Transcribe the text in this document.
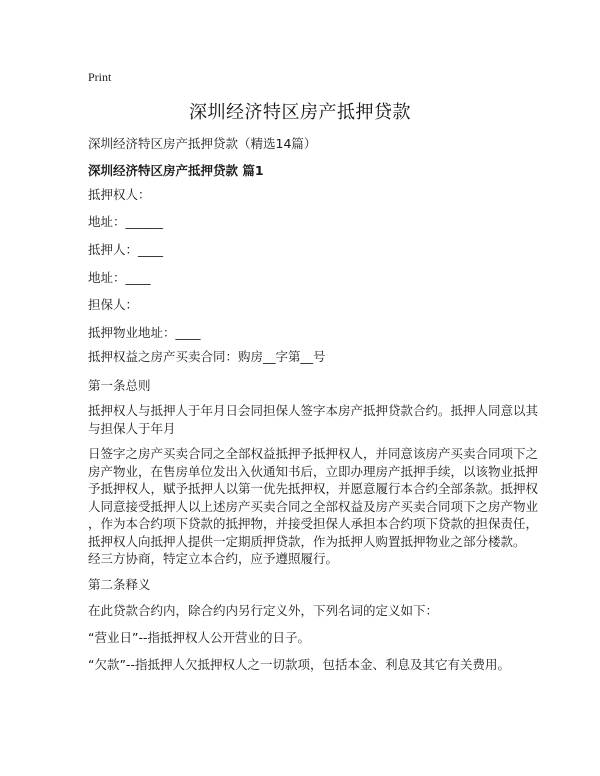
Print
深圳经济特区房产抵押贷款
深圳经济特区房产抵押贷款（精选14篇）
深圳经济特区房产抵押贷款 篇1
抵押权人：
地址：______
抵押人：____
地址：____
担保人：
抵押物业地址：____
抵押权益之房产买卖合同：购房__字第__号
第一条总则
抵押权人与抵押人于年月日会同担保人签字本房产抵押贷款合约。抵押人同意以其
与担保人于年月
日签字之房产买卖合同之全部权益抵押予抵押权人，并同意该房产买卖合同项下之
房产物业，在售房单位发出入伙通知书后，立即办理房产抵押手续，以该物业抵押
予抵押权人，赋予抵押人以第一优先抵押权，并愿意履行本合约全部条款。抵押权
人同意接受抵押人以上述房产买卖合同之全部权益及房产买卖合同项下之房产物业
，作为本合约项下贷款的抵押物，并接受担保人承担本合约项下贷款的担保责任，
抵押权人向抵押人提供一定期质押贷款，作为抵押人购置抵押物业之部分楼款。
经三方协商，特定立本合约，应予遵照履行。
第二条释义
在此贷款合约内，除合约内另行定义外，下列名词的定义如下：
“营业日”--指抵押权人公开营业的日子。
“欠款”--指抵押人欠抵押权人之一切款项，包括本金、利息及其它有关费用。
